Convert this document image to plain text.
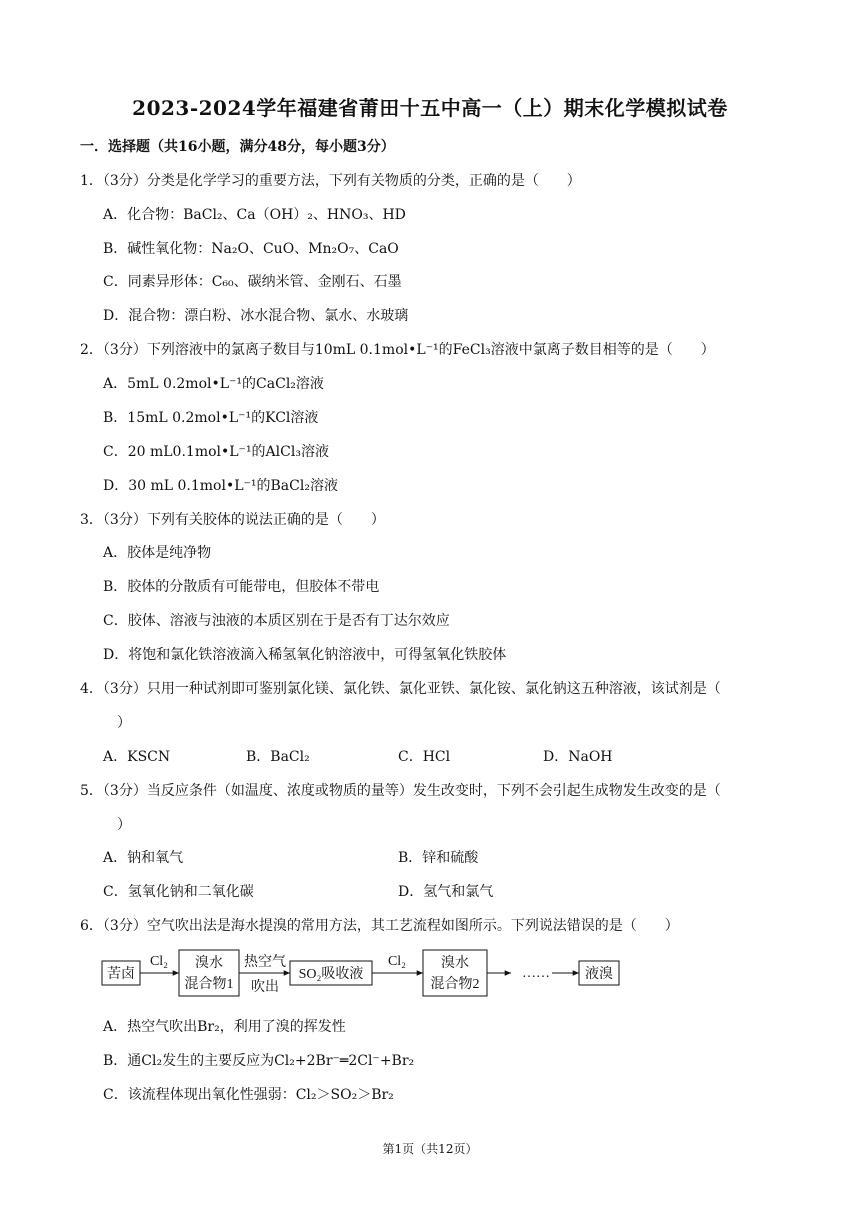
2023-2024学年福建省莆田十五中高一（上）期末化学模拟试卷
一．选择题（共16小题，满分48分，每小题3分）
1．（3分）分类是化学学习的重要方法，下列有关物质的分类，正确的是（　　）
A．化合物：BaCl₂、Ca（OH）₂、HNO₃、HD
B．碱性氧化物：Na₂O、CuO、Mn₂O₇、CaO
C．同素异形体：C₆₀、碳纳米管、金刚石、石墨
D．混合物：漂白粉、冰水混合物、氯水、水玻璃
2．（3分）下列溶液中的氯离子数目与10mL 0.1mol•L⁻¹的FeCl₃溶液中氯离子数目相等的是（　　）
A．5mL 0.2mol•L⁻¹的CaCl₂溶液
B．15mL 0.2mol•L⁻¹的KCl溶液
C．20 mL0.1mol•L⁻¹的AlCl₃溶液
D．30 mL 0.1mol•L⁻¹的BaCl₂溶液
3．（3分）下列有关胶体的说法正确的是（　　）
A．胶体是纯净物
B．胶体的分散质有可能带电，但胶体不带电
C．胶体、溶液与浊液的本质区别在于是否有丁达尔效应
D．将饱和氯化铁溶液滴入稀氢氧化钠溶液中，可得氢氧化铁胶体
4．（3分）只用一种试剂即可鉴别氯化镁、氯化铁、氯化亚铁、氯化铵、氯化钠这五种溶液，该试剂是（
）
A．KSCN	B．BaCl₂	C．HCl	D．NaOH
5．（3分）当反应条件（如温度、浓度或物质的量等）发生改变时，下列不会引起生成物发生改变的是（
）
A．钠和氧气	B．锌和硫酸
C．氢氧化钠和二氧化碳	D．氢气和氯气
6．（3分）空气吹出法是海水提溴的常用方法，其工艺流程如图所示。下列说法错误的是（　　）
苦卤
Cl₂ 溴水
混合物1
热空气
吹出
SO₂吸收液
Cl₂ 溴水
混合物2
……	液溴
A．热空气吹出Br₂，利用了溴的挥发性
B．通Cl₂发生的主要反应为Cl₂+2Br⁻═2Cl⁻+Br₂
C．该流程体现出氧化性强弱：Cl₂＞SO₂＞Br₂
第1页（共12页）
